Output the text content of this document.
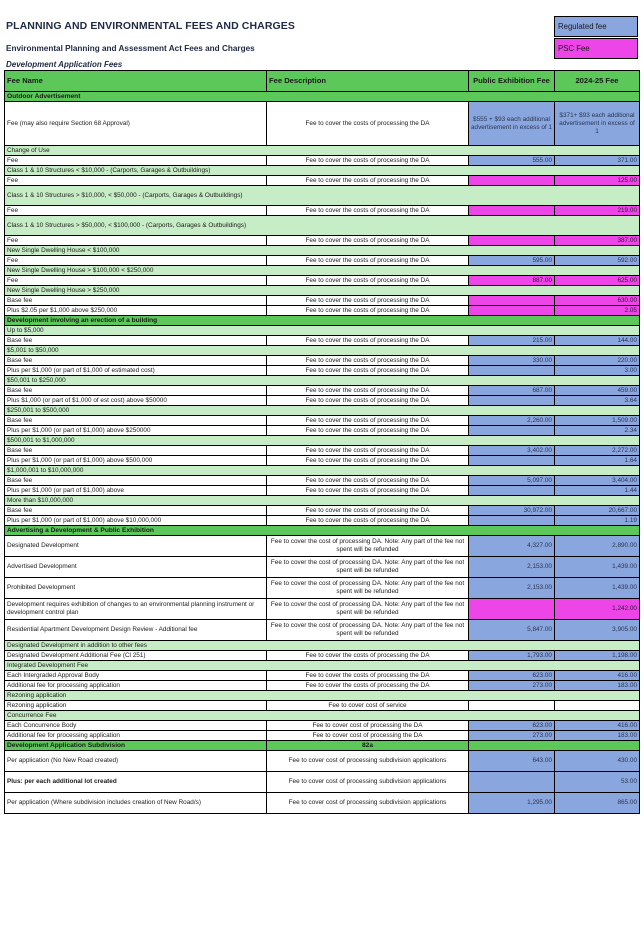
PLANNING AND ENVIRONMENTAL FEES AND CHARGES
Environmental Planning and Assessment Act Fees and Charges
Development Application Fees
Regulated fee
PSC Fee
Fee Name	Fee Description	Public Exhibition Fee	2024-25 Fee
Outdoor Advertisement			
Fee (may also require Section 68 Approval)	Fee to cover the costs of processing the DA	$555 + $93 each additional advertisement in excess of 1	$371+ $93 each additional advertisement in excess of 1
Change of Use			
Fee	Fee to cover the costs of processing the DA	555.00	371.00
Class 1 & 10 Structures < $10,000 - (Carports, Garages & Outbuildings)			
Fee	Fee to cover the costs of processing the DA		125.00
Class 1 & 10 Structures > $10,000, < $50,000 - (Carports, Garages & Outbuildings)			
Fee	Fee to cover the costs of processing the DA		219.00
Class 1 & 10 Structures > $50,000, < $100,000 - (Carports, Garages & Outbuildings)			
Fee	Fee to cover the costs of processing the DA		387.00
New Single Dwelling House < $100,000			
Fee	Fee to cover the costs of processing the DA	595.00	592.00
New Single Dwelling House > $100,000 < $250,000			
Fee	Fee to cover the costs of processing the DA	887.00	625.00
New Single Dwelling House > $250,000			
Base fee	Fee to cover the costs of processing the DA		630.00
Plus $2.05 per $1,000 above $250,000	Fee to cover the costs of processing the DA		2.05
Development involving an erection of a building			
Up to $5,000			
Base fee	Fee to cover the costs of processing the DA	215.00	144.00
$5,001 to $50,000			
Base fee	Fee to cover the costs of processing the DA	330.00	220.00
Plus per $1,000 (or part of $1,000 of estimated cost)	Fee to cover the costs of processing the DA		3.00
$50,001 to $250,000			
Base fee	Fee to cover the costs of processing the DA	687.00	459.00
Plus $1,000 (or part of $1,000 of est cost) above $50000	Fee to cover the costs of processing the DA		3.64
$250,001 to $500,000			
Base fee	Fee to cover the costs of processing the DA	2,260.00	1,509.00
Plus per $1,000 (or part of $1,000) above $250000	Fee to cover the costs of processing the DA		2.34
$500,001 to $1,000,000			
Base fee	Fee to cover the costs of processing the DA	3,402.00	2,272.00
Plus per $1,000 (or part of $1,000) above $500,000	Fee to cover the costs of processing the DA		1.64
$1,000,001 to $10,000,000			
Base fee	Fee to cover the costs of processing the DA	5,097.00	3,404.00
Plus per $1,000 (or part of $1,000) above	Fee to cover the costs of processing the DA		1.44
More than $10,000,000			
Base fee	Fee to cover the costs of processing the DA	30,972.00	20,667.00
Plus per $1,000 (or part of $1,000) above $10,000,000	Fee to cover the costs of processing the DA		1.19
Advertising a Development & Public Exhibition			
Designated Development	Fee to cover the cost of processing DA. Note: Any part of the fee not spent will be refunded	4,327.00	2,890.00
Advertised Development	Fee to cover the cost of processing DA. Note: Any part of the fee not spent will be refunded	2,153.00	1,439.00
Prohibited Development	Fee to cover the cost of processing DA. Note: Any part of the fee not spent will be refunded	2,153.00	1,439.00
Development requires exhibition of changes to an environmental planning instrument or development control plan	Fee to cover the cost of processing DA. Note: Any part of the fee not spent will be refunded		1,242.00
Residential Apartment Development Design Review - Additional fee	Fee to cover the cost of processing DA. Note: Any part of the fee not spent will be refunded	5,847.00	3,905.00
Designated Development in addition to other fees			
Designated Development Additional Fee (Cl 251)	Fee to cover the costs of processing the DA	1,793.00	1,198.00
Integrated Development Fee			
Each Intergraded Approval Body	Fee to cover the costs of processing the DA	623.00	416.00
Additional fee for processing application	Fee to cover the costs of processing the DA	273.00	183.00
Rezoning application			
Rezoning application	Fee to cover cost of service		
Concurrence Fee			
Each Concurrence Body	Fee to cover cost of processing the DA	623.00	416.00
Additional fee for processing application	Fee to cover cost of processing the DA	273.00	183.00
Development Application Subdivision	82a		
Per application (No New Road created)	Fee to cover cost of processing subdivision applications	643.00	430.00
Plus: per each additional lot created	Fee to cover cost of processing subdivision applications		53.00
Per application (Where subdivision includes creation of New Road/s)	Fee to cover cost of processing subdivision applications	1,295.00	865.00
